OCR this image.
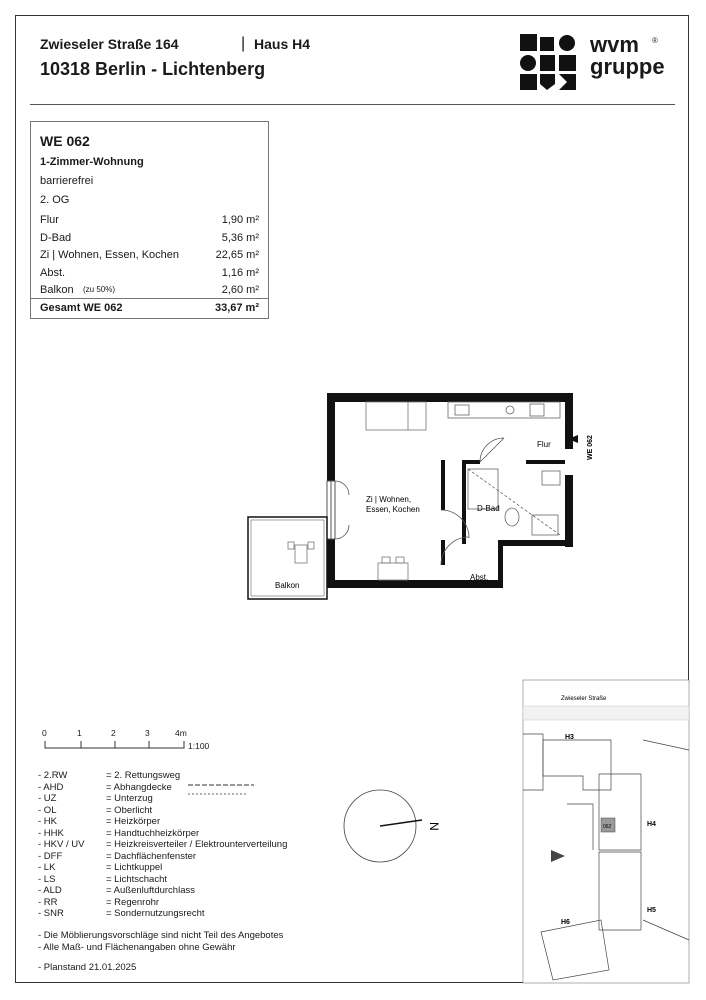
Zwieseler Straße 164	| Haus H4
10318 Berlin - Lichtenberg
wvm
gruppe
®
WE 062
1-Zimmer-Wohnung
barrierefrei
2. OG
Gesamt WE 062	33,67 m²
Flur	1,90 m²
D-Bad	5,36 m²
Zi | Wohnen, Essen, Kochen	22,65 m²
Abst.	1,16 m²
Balkon (zu 50%)	2,60 m²
Flur
Zi | Wohnen,
Essen, Kochen	D-Bad
Abst.
Balkon
WE 062
- Die Möblierungsvorschläge sind nicht Teil des Angebotes
- Alle Maß- und Flächenangaben ohne Gewähr
- Planstand 21.01.2025
N
Zwieseler Straße
062
H3
H4
H5
H6
0	1	2	3	4m
1:100
- 2.RW	= 2. Rettungsweg
- AHD	= Abhangdecke
- UZ	= Unterzug
- OL	= Oberlicht
- HK	= Heizkörper
- HHK	= Handtuchheizkörper
- HKV / UV = Heizkreisverteiler / Elektrounterverteilung
- DFF	= Dachflächenfenster
- LK	= Lichtkuppel
- LS	= Lichtschacht
- ALD	= Außenluftdurchlass
- RR	= Regenrohr
- SNR	= Sondernutzungsrecht
